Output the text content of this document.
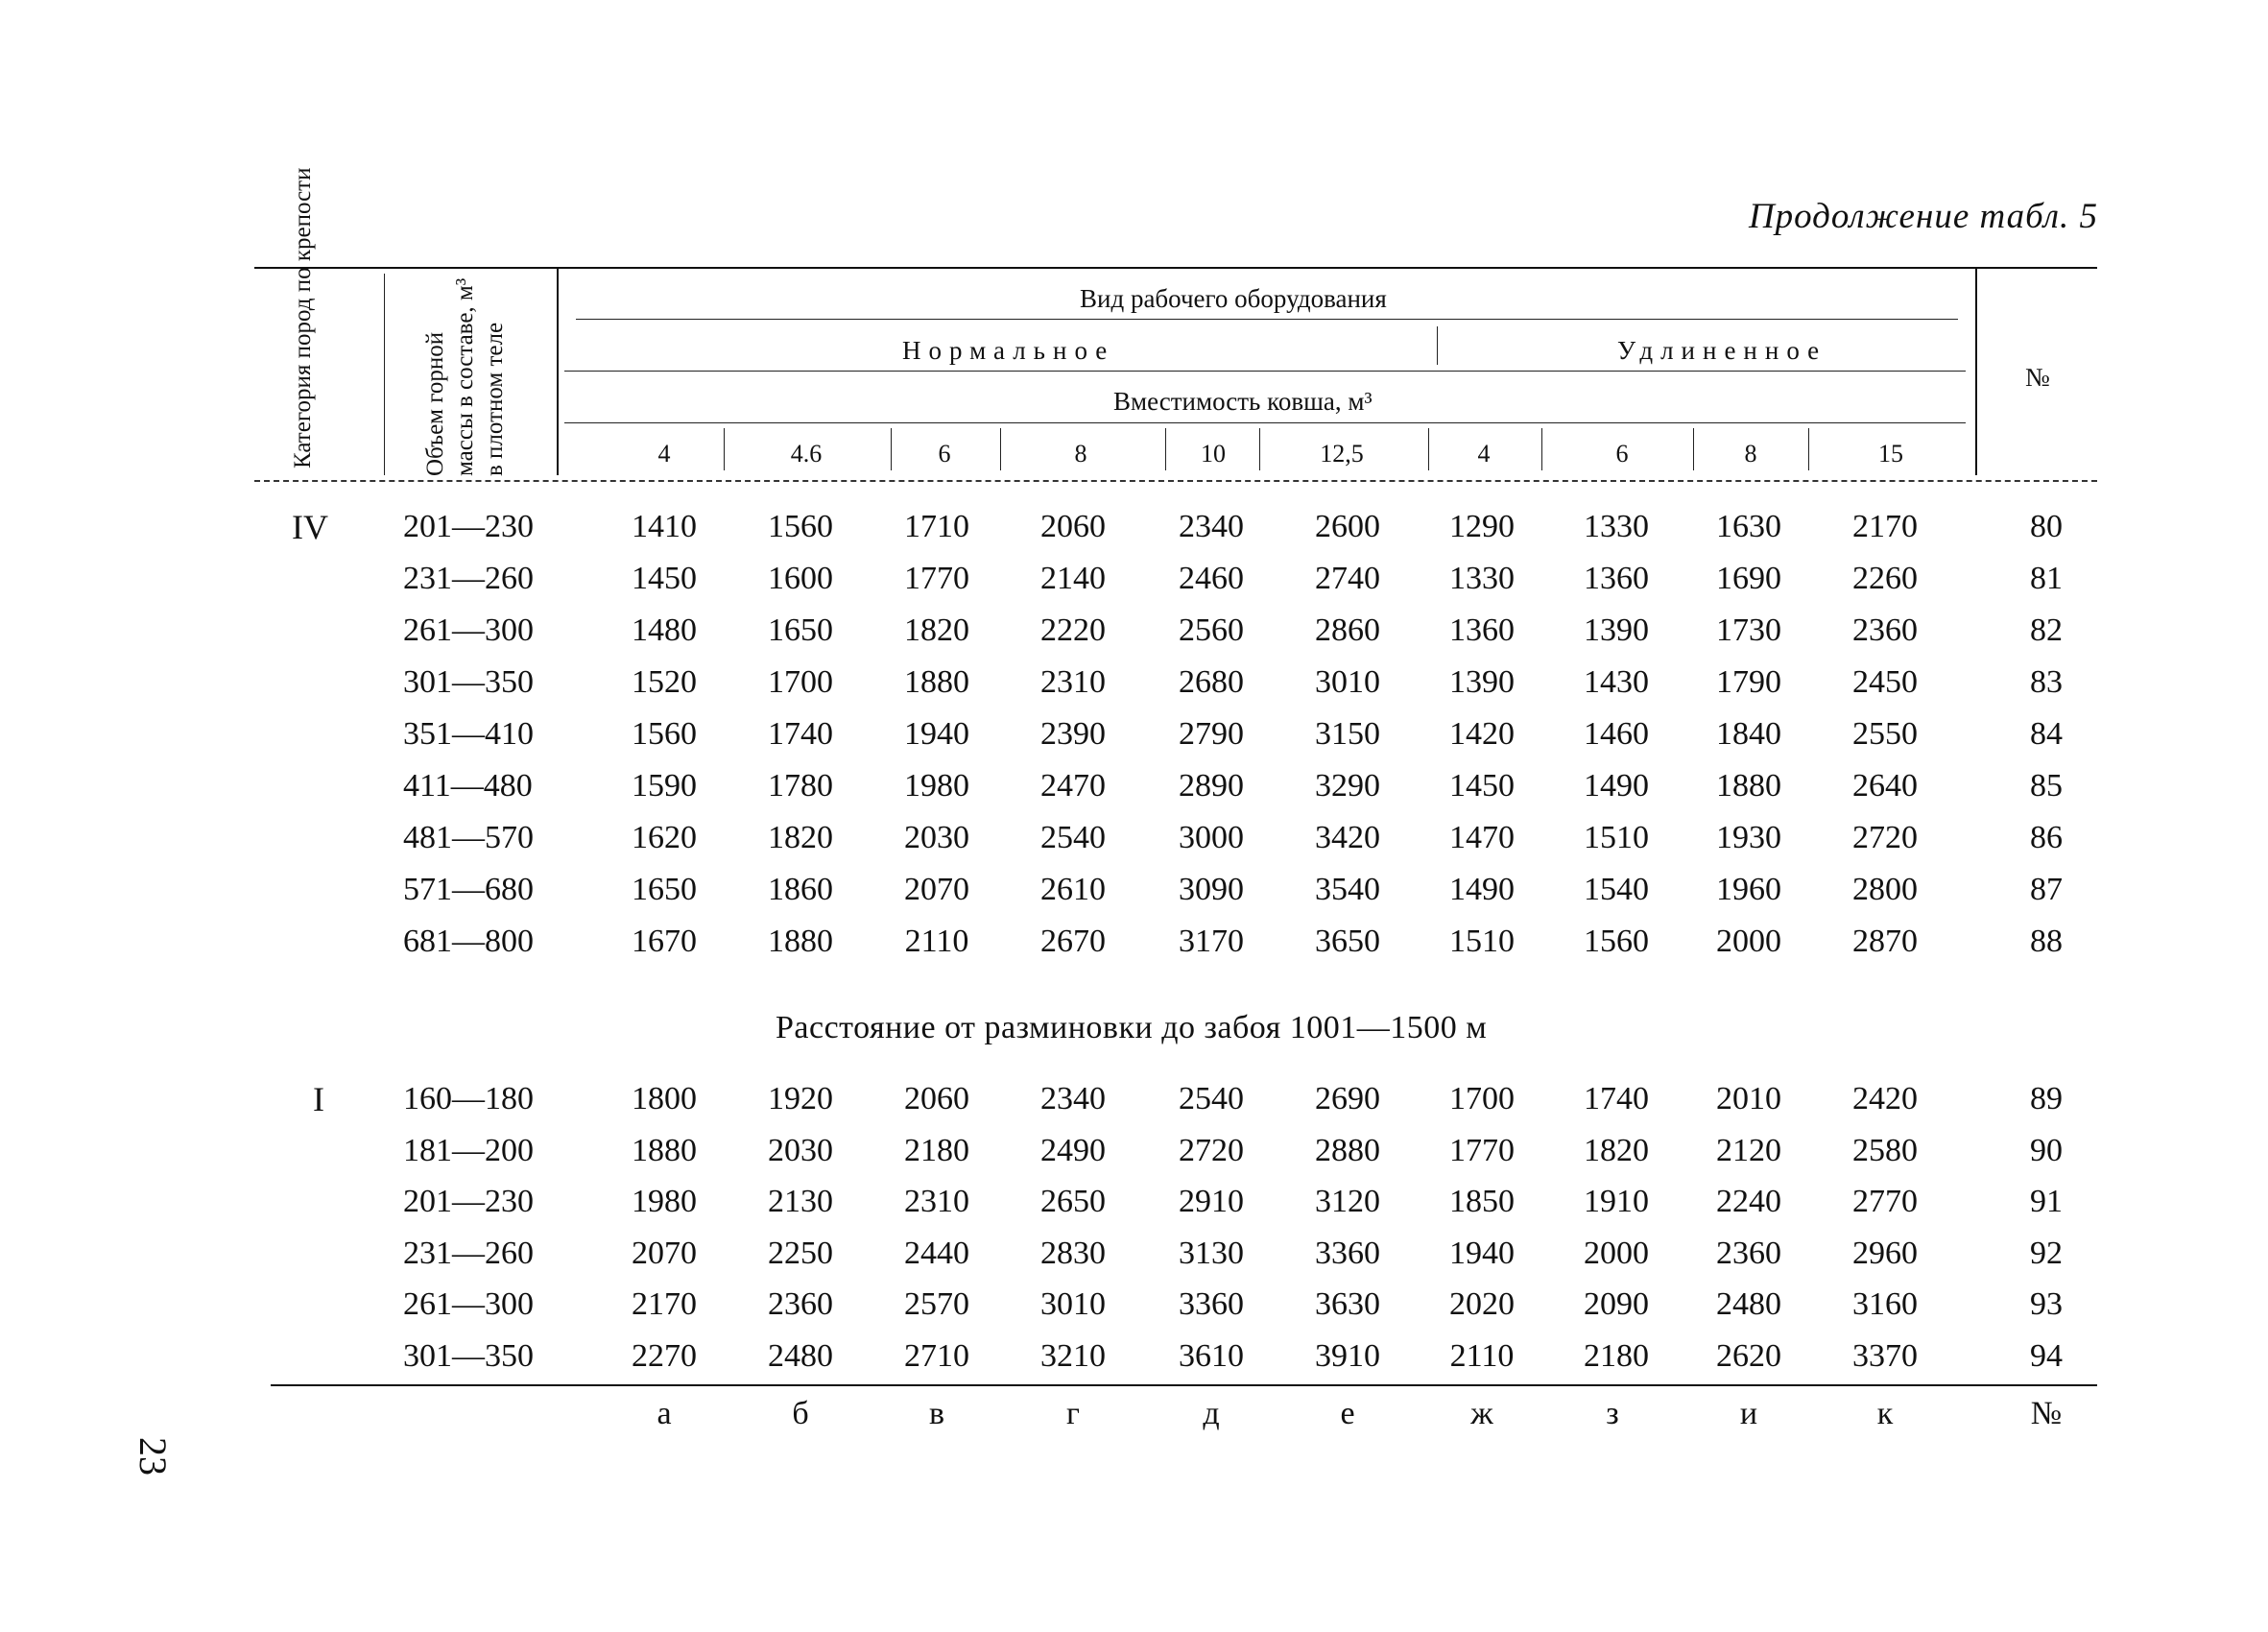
Продолжение табл. 5
Категория пород по крепости	Объем горной массы в составе, м³ в плотном теле
Вид рабочего оборудования
Нормальное	Удлиненное
Вместимость ковша, м³
№
4	4.6	6	8	10	12,5	4	6	8	15
IV 201—230	1410 1560 1710 2060 2340 2600 1290 1330 1630 2170	80
231—260	1450 1600 1770 2140 2460 2740 1330 1360 1690 2260	81
261—300	1480 1650 1820 2220 2560 2860 1360 1390 1730 2360	82
301—350	1520 1700 1880 2310 2680 3010 1390 1430 1790 2450	83
351—410	1560 1740 1940 2390 2790 3150 1420 1460 1840 2550	84
411—480	1590 1780 1980 2470 2890 3290 1450 1490 1880 2640	85
481—570	1620 1820 2030 2540 3000 3420 1470 1510 1930 2720	86
571—680	1650 1860 2070 2610 3090 3540 1490 1540 1960 2800	87
681—800	1670 1880 2110 2670 3170 3650 1510 1560 2000 2870	88
Расстояние от разминовки до забоя 1001—1500 м
I 160—180	1800 1920 2060 2340 2540 2690 1700 1740 2010 2420	89
181—200	1880 2030 2180 2490 2720 2880 1770 1820 2120 2580	90
201—230	1980 2130 2310 2650 2910 3120 1850 1910 2240 2770	91
231—260	2070 2250 2440 2830 3130 3360 1940 2000 2360 2960	92
261—300	2170 2360 2570 3010 3360 3630 2020 2090 2480 3160	93
301—350	2270 2480 2710 3210 3610 3910 2110 2180 2620 3370	94
а	б	в	г	д	е	ж	з	и	к	№
23
